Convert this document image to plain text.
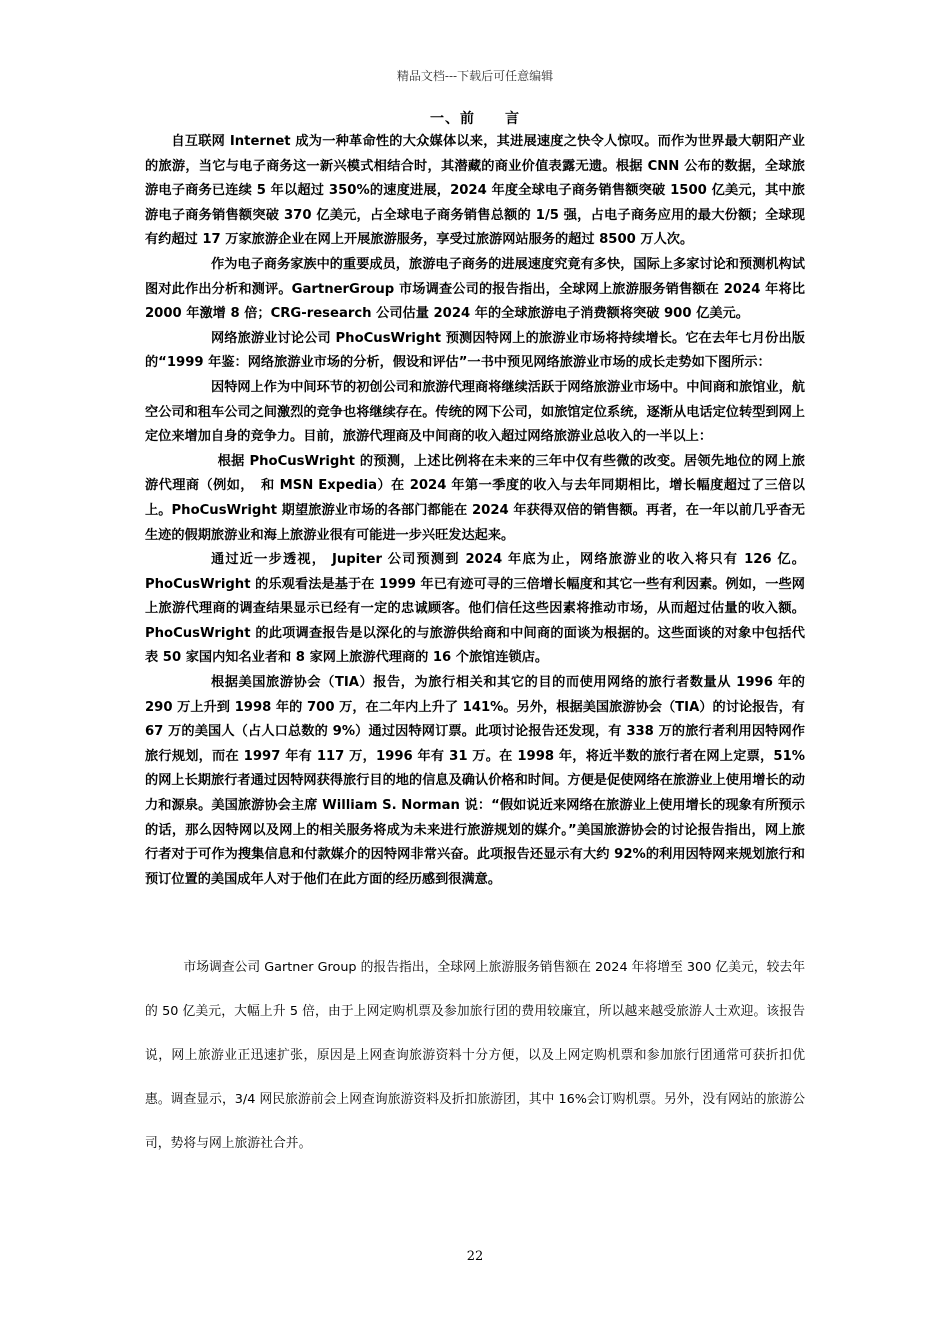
精品文档---下载后可任意编辑
一、前　　言

自互联网 Internet 成为一种革命性的大众媒体以来，其进展速度之快令人惊叹。而作为世界最大朝阳产业的旅游，当它与电子商务这一新兴模式相结合时，其潜藏的商业价值表露无遗。根据 CNN 公布的数据，全球旅游电子商务已连续 5 年以超过 350%的速度进展，2024 年度全球电子商务销售额突破 1500 亿美元，其中旅游电子商务销售额突破 370 亿美元，占全球电子商务销售总额的 1/5 强，占电子商务应用的最大份额；全球现有约超过 17 万家旅游企业在网上开展旅游服务，享受过旅游网站服务的超过 8500 万人次。

作为电子商务家族中的重要成员，旅游电子商务的进展速度究竟有多快，国际上多家讨论和预测机构试图对此作出分析和测评。GartnerGroup 市场调查公司的报告指出，全球网上旅游服务销售额在 2024 年将比 2000 年激增 8 倍；CRG-research 公司估量 2024 年的全球旅游电子消费额将突破 900 亿美元。

网络旅游业讨论公司 PhoCusWright 预测因特网上的旅游业市场将持续增长。它在去年七月份出版的“1999 年鉴：网络旅游业市场的分析，假设和评估”一书中预见网络旅游业市场的成长走势如下图所示：

因特网上作为中间环节的初创公司和旅游代理商将继续活跃于网络旅游业市场中。中间商和旅馆业，航空公司和租车公司之间激烈的竞争也将继续存在。传统的网下公司，如旅馆定位系统，逐渐从电话定位转型到网上定位来增加自身的竞争力。目前，旅游代理商及中间商的收入超过网络旅游业总收入的一半以上：

根据 PhoCusWright 的预测，上述比例将在未来的三年中仅有些微的改变。居领先地位的网上旅游代理商（例如，　和 MSN Expedia）在 2024 年第一季度的收入与去年同期相比，增长幅度超过了三倍以上。PhoCusWright 期望旅游业市场的各部门都能在 2024 年获得双倍的销售额。再者，在一年以前几乎杳无生迹的假期旅游业和海上旅游业很有可能进一步兴旺发达起来。

通过近一步透视， Jupiter 公司预测到 2024 年底为止，网络旅游业的收入将只有 126 亿。PhoCusWright 的乐观看法是基于在 1999 年已有迹可寻的三倍增长幅度和其它一些有利因素。例如，一些网上旅游代理商的调查结果显示已经有一定的忠诚顾客。他们信任这些因素将推动市场，从而超过估量的收入额。PhoCusWright 的此项调查报告是以深化的与旅游供给商和中间商的面谈为根据的。这些面谈的对象中包括代表 50 家国内知名业者和 8 家网上旅游代理商的 16 个旅馆连锁店。

根据美国旅游协会（TIA）报告，为旅行相关和其它的目的而使用网络的旅行者数量从 1996 年的 290 万上升到 1998 年的 700 万，在二年内上升了 141%。另外，根据美国旅游协会（TIA）的讨论报告，有 67 万的美国人（占人口总数的 9%）通过因特网订票。此项讨论报告还发现，有 338 万的旅行者利用因特网作旅行规划，而在 1997 年有 117 万，1996 年有 31 万。在 1998 年，将近半数的旅行者在网上定票，51%的网上长期旅行者通过因特网获得旅行目的地的信息及确认价格和时间。方便是促使网络在旅游业上使用增长的动力和源泉。美国旅游协会主席 William S. Norman 说：“假如说近来网络在旅游业上使用增长的现象有所预示的话，那么因特网以及网上的相关服务将成为未来进行旅游规划的媒介。”美国旅游协会的讨论报告指出，网上旅行者对于可作为搜集信息和付款媒介的因特网非常兴奋。此项报告还显示有大约 92%的利用因特网来规划旅行和预订位置的美国成年人对于他们在此方面的经历感到很满意。

市场调查公司 Gartner Group 的报告指出，全球网上旅游服务销售额在 2024 年将增至 300 亿美元，较去年的 50 亿美元，大幅上升 5 倍，由于上网定购机票及参加旅行团的费用较廉宜，所以越来越受旅游人士欢迎。该报告说，网上旅游业正迅速扩张，原因是上网查询旅游资料十分方便，以及上网定购机票和参加旅行团通常可获折扣优惠。调查显示，3/4 网民旅游前会上网查询旅游资料及折扣旅游团，其中 16%会订购机票。另外，没有网站的旅游公司，势将与网上旅游社合并。

22
